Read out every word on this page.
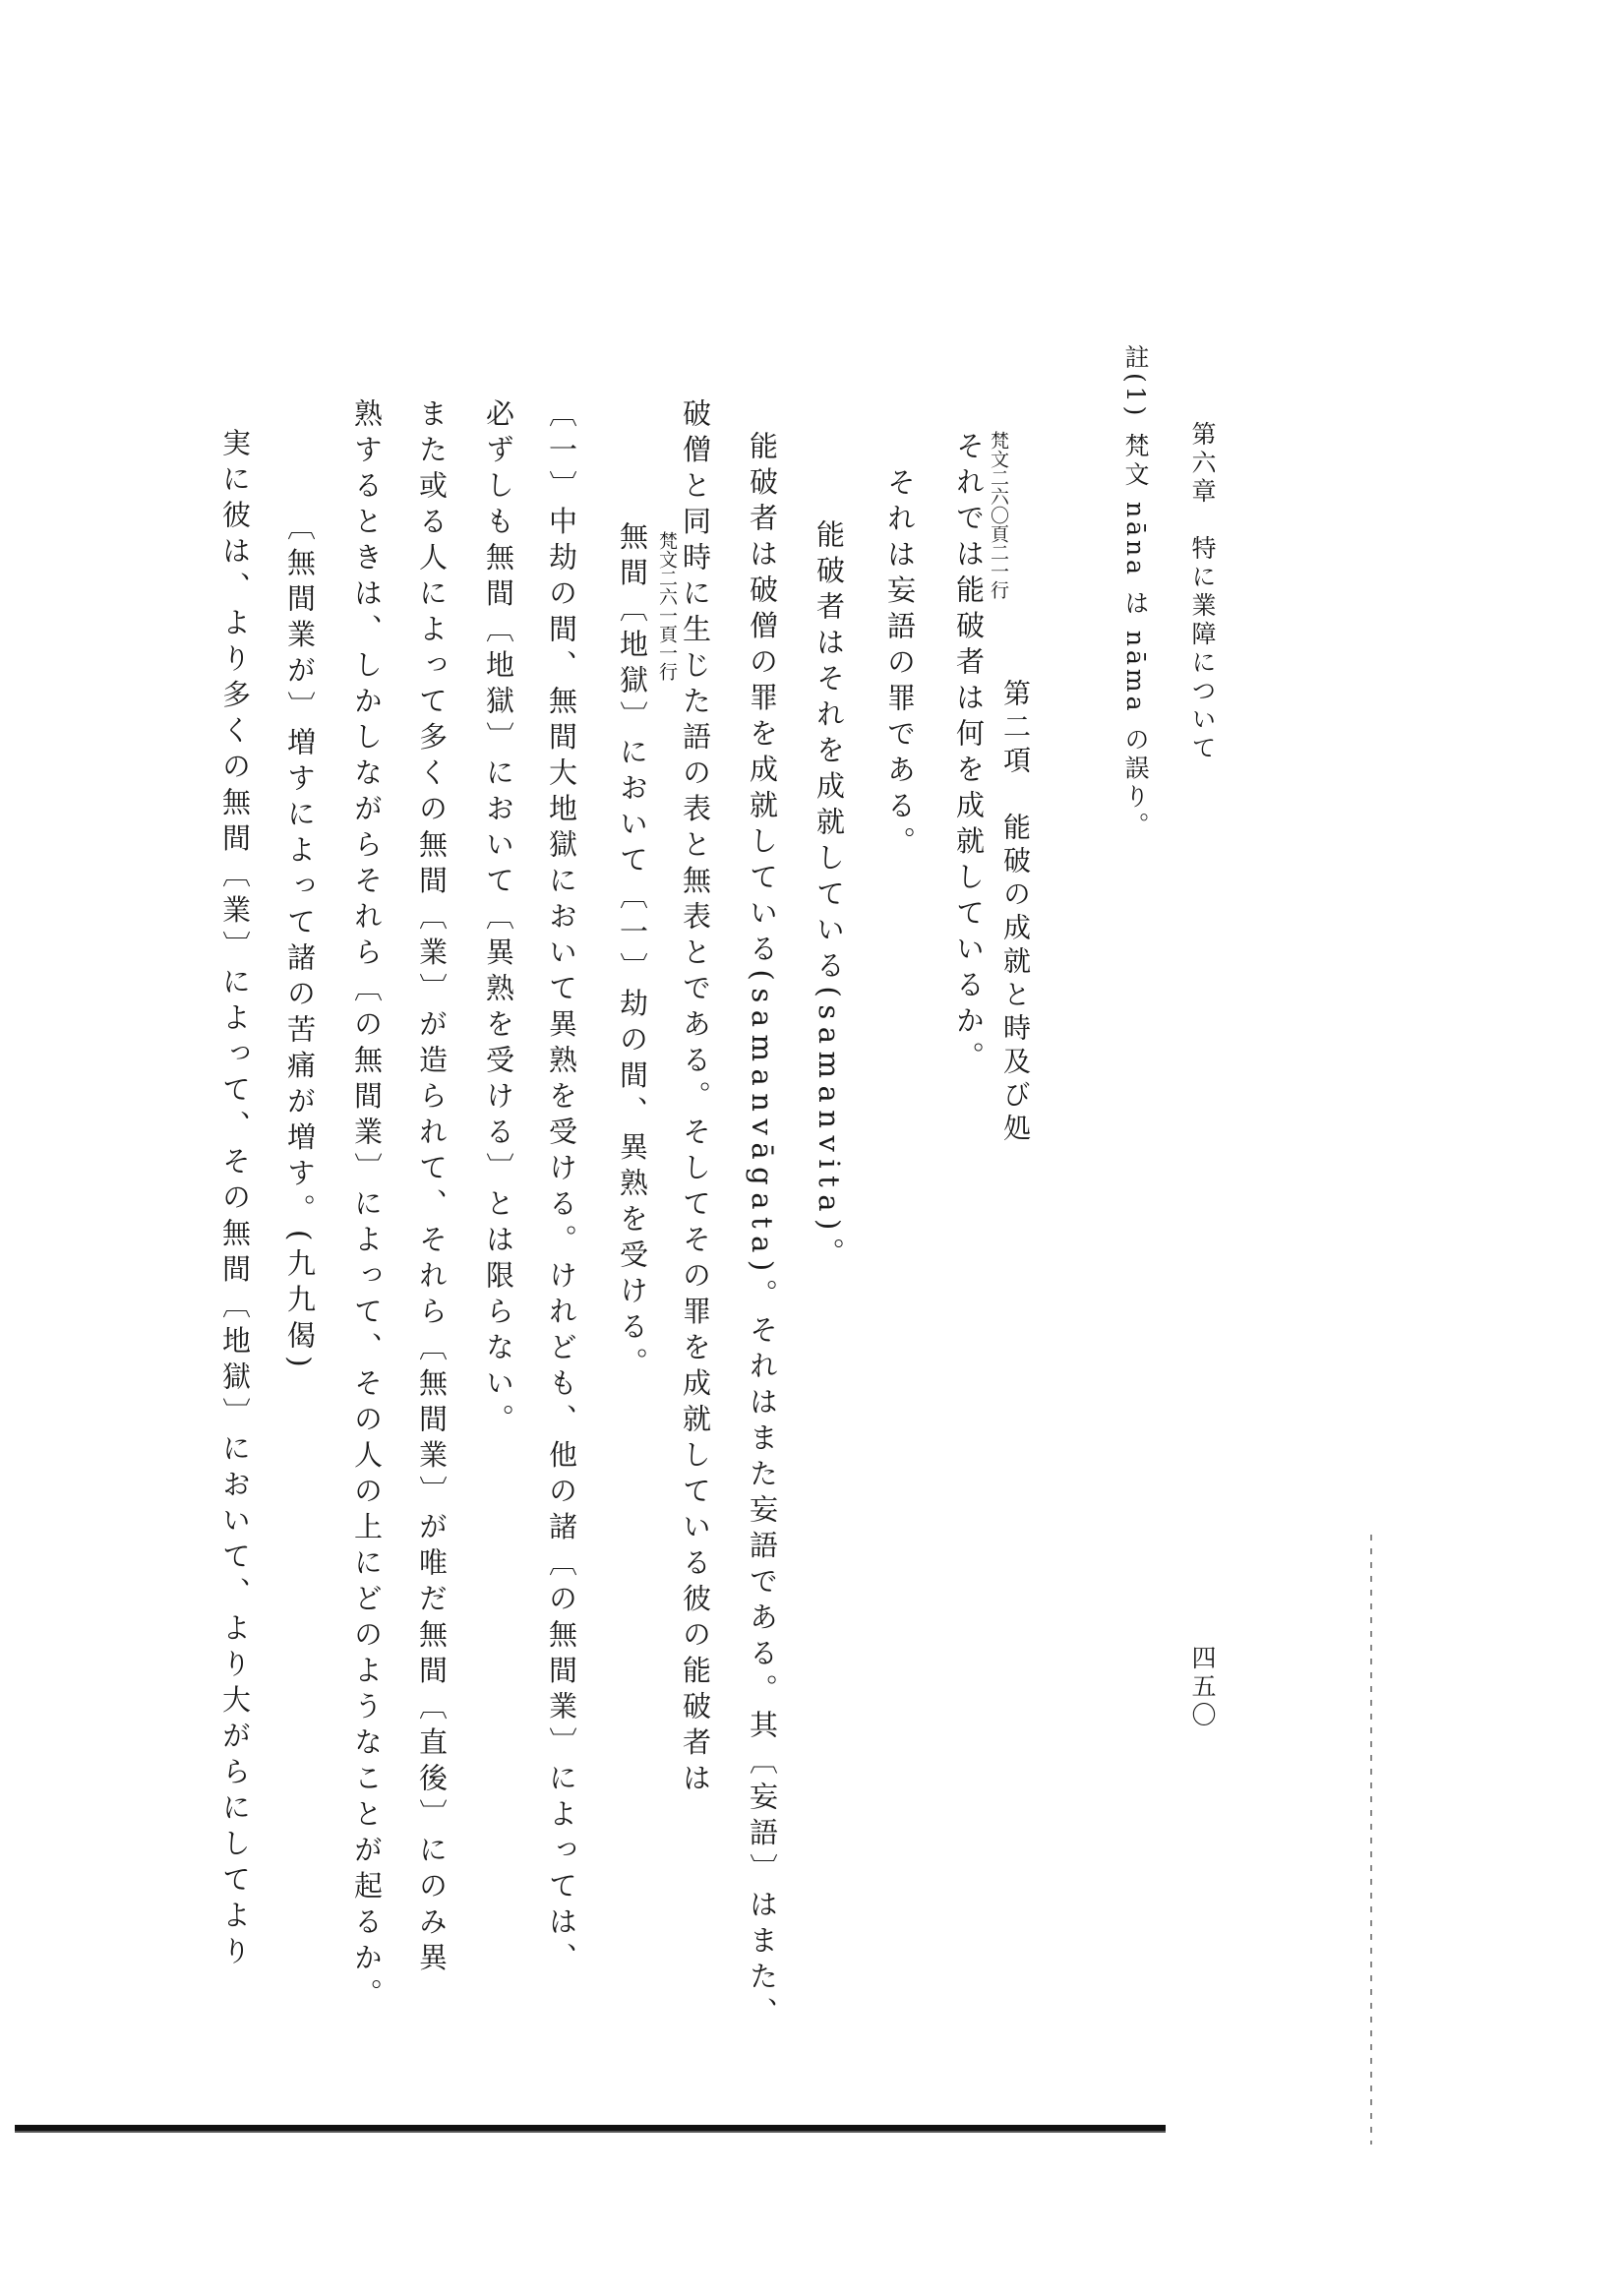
第六章　特に業障について
四五〇
註(1)
梵文 nāna は nāma の誤り。
梵文二六〇頁二一行
それでは能破者は何を成就しているか。 第二項　能破の成就と時及び処
それは妄語の罪である。
能破者はそれを成就している(samanvita)。
能破者は破僧の罪を成就している(samanvāgata)。それはまた妄語である。其〔妄語〕はまた、
破僧と同時に生じた語の表と無表とである。そしてその罪を成就している彼の能破者は
梵文二六一頁一行
無間〔地獄〕において〔一〕劫の間、異熟を受ける。
〔一〕中劫の間、無間大地獄において異熟を受ける。けれども、他の諸〔の無間業〕によっては、
必ずしも無間〔地獄〕において〔異熟を受ける〕とは限らない。
また或る人によって多くの無間〔業〕が造られて、それら〔無間業〕が唯だ無間〔直後〕にのみ異
熟するときは、しかしながらそれら〔の無間業〕によって、その人の上にどのようなことが起るか。
〔無間業が〕増すによって諸の苦痛が増す。(九九偈)
実に彼は、より多くの無間〔業〕によって、その無間〔地獄〕において、より大がらにしてより
